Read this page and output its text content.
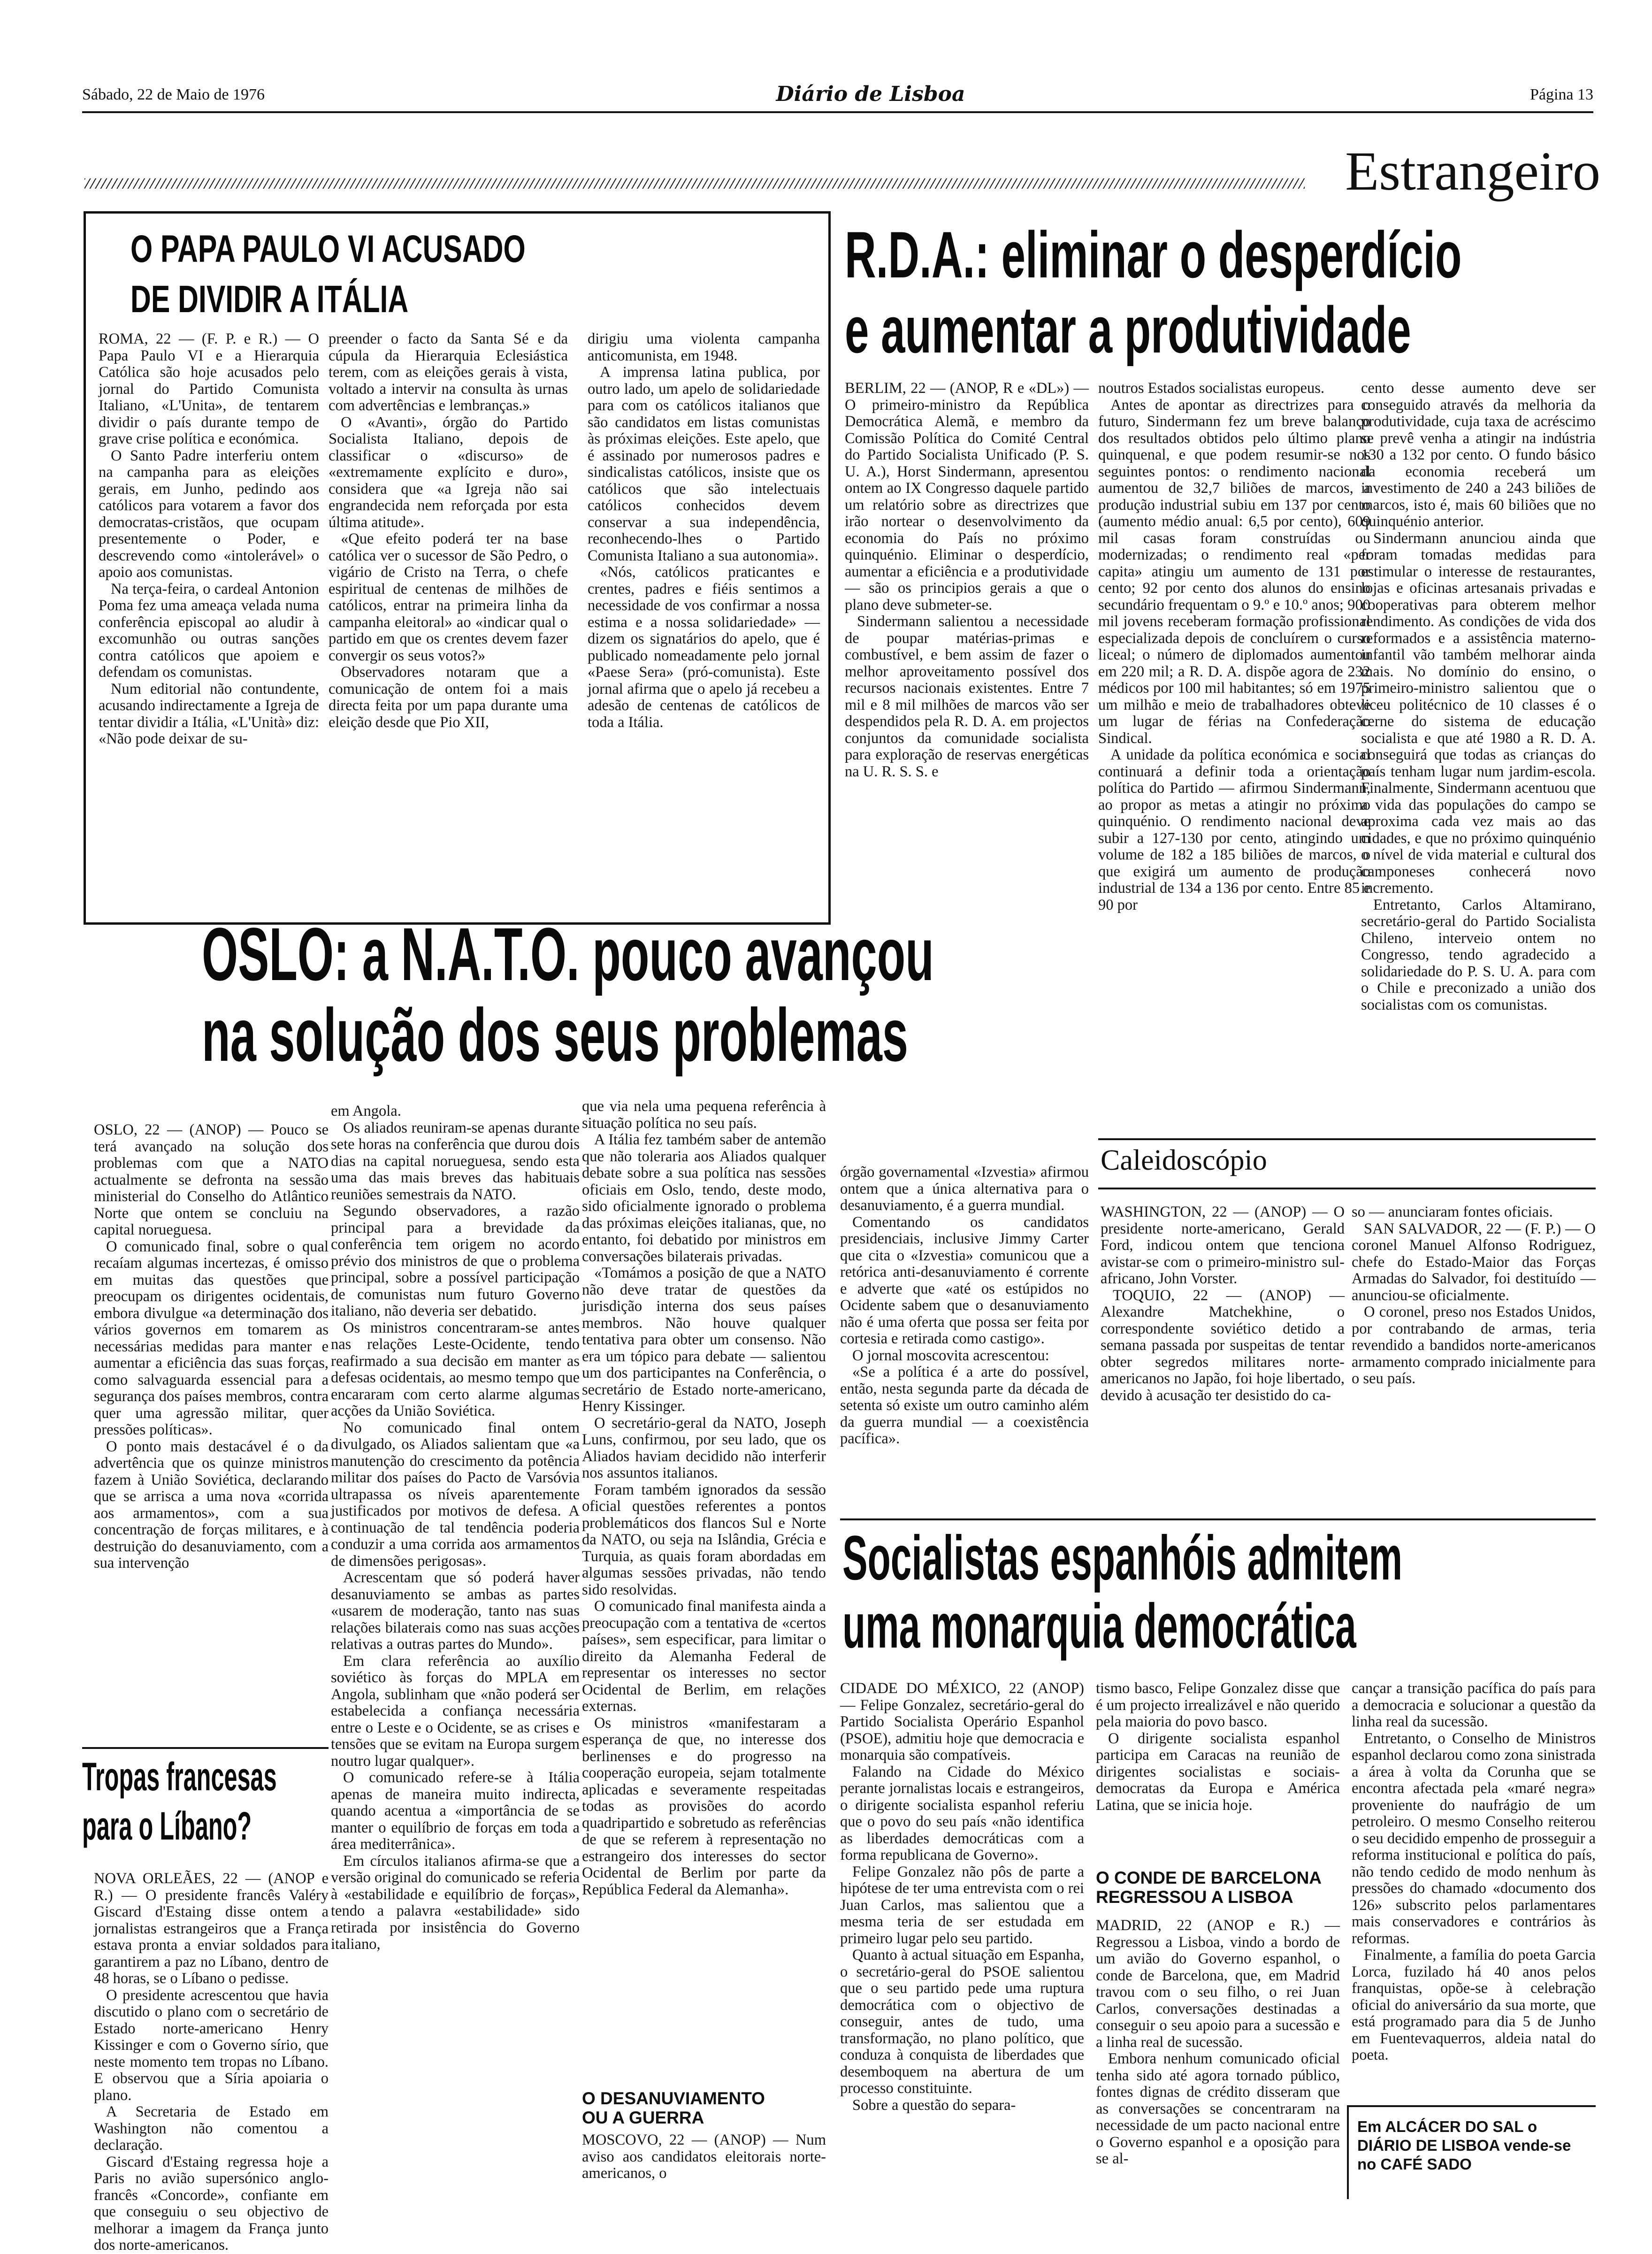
Sábado, 22 de Maio de 1976	Diário de Lisboa	Página 13
Estrangeiro
O PAPA PAULO VI ACUSADO
DE DIVIDIR A ITÁLIA

ROMA, 22 — (F. P. e R.) — O Papa Paulo VI e a Hierarquia Católica são hoje acusados pelo jornal do Partido Comunista Italiano, «L'Unita», de tentarem dividir o país durante tempo de grave crise política e económica.

O Santo Padre interferiu ontem na campanha para as eleições gerais, em Junho, pedindo aos católicos para votarem a favor dos democratas-cristãos, que ocupam presentemente o Poder, e descrevendo como «intolerável» o apoio aos comunistas.

Na terça-feira, o cardeal Antonion Poma fez uma ameaça velada numa conferência episcopal ao aludir à excomunhão ou outras sanções contra católicos que apoiem e defendam os comunistas.

Num editorial não contundente, acusando indirectamente a Igreja de tentar dividir a Itália, «L'Unità» diz: «Não pode deixar de su-

preender o facto da Santa Sé e da cúpula da Hierarquia Eclesiástica terem, com as eleições gerais à vista, voltado a intervir na consulta às urnas com advertências e lembranças.»

O «Avanti», órgão do Partido Socialista Italiano, depois de classificar o «discurso» de «extremamente explícito e duro», considera que «a Igreja não sai engrandecida nem reforçada por esta última atitude».

«Que efeito poderá ter na base católica ver o sucessor de São Pedro, o vigário de Cristo na Terra, o chefe espiritual de centenas de milhões de católicos, entrar na primeira linha da campanha eleitoral» ao «indicar qual o partido em que os crentes devem fazer convergir os seus votos?»

Observadores notaram que a comunicação de ontem foi a mais directa feita por um papa durante uma eleição desde que Pio XII,

dirigiu uma violenta campanha anticomunista, em 1948.

A imprensa latina publica, por outro lado, um apelo de solidariedade para com os católicos italianos que são candidatos em listas comunistas às próximas eleições. Este apelo, que é assinado por numerosos padres e sindicalistas católicos, insiste que os católicos que são intelectuais católicos conhecidos devem conservar a sua independência, reconhecendo-lhes o Partido Comunista Italiano a sua autonomia».

«Nós, católicos praticantes e crentes, padres e fiéis sentimos a necessidade de vos confirmar a nossa estima e a nossa solidariedade» —dizem os signatários do apelo, que é publicado nomeadamente pelo jornal «Paese Sera» (pró-comunista). Este jornal afirma que o apelo já recebeu a adesão de centenas de católicos de toda a Itália.

R.D.A.: eliminar o desperdício
e aumentar a produtividade

BERLIM, 22 — (ANOP, R e «DL») — O primeiro-ministro da República Democrática Alemã, e membro da Comissão Política do Comité Central do Partido Socialista Unificado (P. S. U. A.), Horst Sindermann, apresentou ontem ao IX Congresso daquele partido um relatório sobre as directrizes que irão nortear o desenvolvimento da economia do País no próximo quinquénio. Eliminar o desperdício, aumentar a eficiência e a produtividade — são os principios gerais a que o plano deve submeter-se.

Sindermann salientou a necessidade de poupar matérias-primas e combustível, e bem assim de fazer o melhor aproveitamento possível dos recursos nacionais existentes. Entre 7 mil e 8 mil milhões de marcos vão ser despendidos pela R. D. A. em projectos conjuntos da comunidade socialista para exploração de reservas energéticas na U. R. S. S. e

noutros Estados socialistas europeus.

Antes de apontar as directrizes para o futuro, Sindermann fez um breve balanço dos resultados obtidos pelo último plano quinquenal, e que podem resumir-se nos seguintes pontos: o rendimento nacional aumentou de 32,7 biliões de marcos, a produção industrial subiu em 137 por cento (aumento médio anual: 6,5 por cento), 609 mil casas foram construídas ou modernizadas; o rendimento real «per capita» atingiu um aumento de 131 por cento; 92 por cento dos alunos do ensino secundário frequentam o 9.º e 10.º anos; 900 mil jovens receberam formação profissional especializada depois de concluírem o curso liceal; o número de diplomados aumentou em 220 mil; a R. D. A. dispõe agora de 232 médicos por 100 mil habitantes; só em 1975 um milhão e meio de trabalhadores obteve um lugar de férias na Confederação Sindical.

A unidade da política económica e social continuará a definir toda a orientação política do Partido — afirmou Sindermann, ao propor as metas a atingir no próximo quinquénio. O rendimento nacional deve subir a 127-130 por cento, atingindo um volume de 182 a 185 biliões de marcos, o que exigirá um aumento de produção industrial de 134 a 136 por cento. Entre 85 e 90 por

cento desse aumento deve ser conseguido através da melhoria da produtividade, cuja taxa de acréscimo se prevê venha a atingir na indústria 130 a 132 por cento. O fundo básico da economia receberá um investimento de 240 a 243 biliões de marcos, isto é, mais 60 biliões que no quinquénio anterior.

Sindermann anunciou ainda que foram tomadas medidas para estimular o interesse de restaurantes, lojas e oficinas artesanais privadas e cooperativas para obterem melhor rendimento. As condições de vida dos reformados e a assistência materno-infantil vão também melhorar ainda mais. No domínio do ensino, o primeiro-ministro salientou que o liceu politécnico de 10 classes é o cerne do sistema de educação socialista e que até 1980 a R. D. A. conseguirá que todas as crianças do país tenham lugar num jardim-escola. Finalmente, Sindermann acentuou que a vida das populações do campo se aproxima cada vez mais ao das cidades, e que no próximo quinquénio o nível de vida material e cultural dos camponeses conhecerá novo incremento.

Entretanto, Carlos Altamirano, secretário-geral do Partido Socialista Chileno, interveio ontem no Congresso, tendo agradecido a solidariedade do P. S. U. A. para com o Chile e preconizado a união dos socialistas com os comunistas.

OSLO: a N.A.T.O. pouco avançou
na solução dos seus problemas

OSLO, 22 — (ANOP) — Pouco se terá avançado na solução dos problemas com que a NATO actualmente se defronta na sessão ministerial do Conselho do Atlântico Norte que ontem se concluiu na capital norueguesa.

O comunicado final, sobre o qual recaíam algumas incertezas, é omisso em muitas das questões que preocupam os dirigentes ocidentais, embora divulgue «a determinação dos vários governos em tomarem as necessárias medidas para manter e aumentar a eficiência das suas forças, como salvaguarda essencial para a segurança dos países membros, contra quer uma agressão militar, quer pressões políticas».

O ponto mais destacável é o da advertência que os quinze ministros fazem à União Soviética, declarando que se arrisca a uma nova «corrida aos armamentos», com a sua concentração de forças militares, e à destruição do desanuviamento, com a sua intervenção

em Angola.

Os aliados reuniram-se apenas durante sete horas na conferência que durou dois dias na capital norueguesa, sendo esta uma das mais breves das habituais reuniões semestrais da NATO.

Segundo observadores, a razão principal para a brevidade da conferência tem origem no acordo prévio dos ministros de que o problema principal, sobre a possível participação de comunistas num futuro Governo italiano, não deveria ser debatido.

Os ministros concentraram-se antes nas relações Leste-Ocidente, tendo reafirmado a sua decisão em manter as defesas ocidentais, ao mesmo tempo que encararam com certo alarme algumas acções da União Soviética.

No comunicado final ontem divulgado, os Aliados salientam que «a manutenção do crescimento da potência militar dos países do Pacto de Varsóvia ultrapassa os níveis aparentemente justificados por motivos de defesa. A continuação de tal tendência poderia conduzir a uma corrida aos armamentos de dimensões perigosas».

Acrescentam que só poderá haver desanuviamento se ambas as partes «usarem de moderação, tanto nas suas relações bilaterais como nas suas acções relativas a outras partes do Mundo».

Em clara referência ao auxílio soviético às forças do MPLA em Angola, sublinham que «não poderá ser estabelecida a confiança necessária entre o Leste e o Ocidente, se as crises e tensões que se evitam na Europa surgem noutro lugar qualquer».

O comunicado refere-se à Itália apenas de maneira muito indirecta, quando acentua a «importância de se manter o equilíbrio de forças em toda a área mediterrânica».

Em círculos italianos afirma-se que a versão original do comunicado se referia à «estabilidade e equilíbrio de forças», tendo a palavra «estabilidade» sido retirada por insistência do Governo italiano,

que via nela uma pequena referência à situação política no seu país.

A Itália fez também saber de antemão que não toleraria aos Aliados qualquer debate sobre a sua política nas sessões oficiais em Oslo, tendo, deste modo, sido oficialmente ignorado o problema das próximas eleições italianas, que, no entanto, foi debatido por ministros em conversações bilaterais privadas.

«Tomámos a posição de que a NATO não deve tratar de questões da jurisdição interna dos seus países membros. Não houve qualquer tentativa para obter um consenso. Não era um tópico para debate — salientou um dos participantes na Conferência, o secretário de Estado norte-americano, Henry Kissinger.

O secretário-geral da NATO, Joseph Luns, confirmou, por seu lado, que os Aliados haviam decidido não interferir nos assuntos italianos.

Foram também ignorados da sessão oficial questões referentes a pontos problemáticos dos flancos Sul e Norte da NATO, ou seja na Islândia, Grécia e Turquia, as quais foram abordadas em algumas sessões privadas, não tendo sido resolvidas.

O comunicado final manifesta ainda a preocupação com a tentativa de «certos países», sem especificar, para limitar o direito da Alemanha Federal de representar os interesses no sector Ocidental de Berlim, em relações externas.

Os ministros «manifestaram a esperança de que, no interesse dos berlinenses e do progresso na cooperação europeia, sejam totalmente aplicadas e severamente respeitadas todas as provisões do acordo quadripartido e sobretudo as referências de que se referem à representação no estrangeiro dos interesses do sector Ocidental de Berlim por parte da República Federal da Alemanha».

O DESANUVIAMENTO
OU A GUERRA

MOSCOVO, 22 — (ANOP) — Num aviso aos candidatos eleitorais norte-americanos, o

órgão governamental «Izvestia» afirmou ontem que a única alternativa para o desanuviamento, é a guerra mundial.

Comentando os candidatos presidenciais, inclusive Jimmy Carter que cita o «Izvestia» comunicou que a retórica anti-desanuviamento é corrente e adverte que «até os estúpidos no Ocidente sabem que o desanuviamento não é uma oferta que possa ser feita por cortesia e retirada como castigo».

O jornal moscovita acrescentou:

«Se a política é a arte do possível, então, nesta segunda parte da década de setenta só existe um outro caminho além da guerra mundial — a coexistência pacífica».

Tropas francesas
para o Líbano?

NOVA ORLEÃES, 22 — (ANOP e R.) — O presidente francês Valéry Giscard d'Estaing disse ontem a jornalistas estrangeiros que a França estava pronta a enviar soldados para garantirem a paz no Líbano, dentro de 48 horas, se o Líbano o pedisse.

O presidente acrescentou que havia discutido o plano com o secretário de Estado norte-americano Henry Kissinger e com o Governo sírio, que neste momento tem tropas no Líbano. E observou que a Síria apoiaria o plano.

A Secretaria de Estado em Washington não comentou a declaração.

Giscard d'Estaing regressa hoje a Paris no avião supersónico anglo-francês «Concorde», confiante em que conseguiu o seu objectivo de melhorar a imagem da França junto dos norte-americanos.

Caleidoscópio

WASHINGTON, 22 — (ANOP) — O presidente norte-americano, Gerald Ford, indicou ontem que tenciona avistar-se com o primeiro-ministro sul-africano, John Vorster.

TOQUIO, 22 — (ANOP) — Alexandre Matchekhine, o correspondente soviético detido a semana passada por suspeitas de tentar obter segredos militares norte-americanos no Japão, foi hoje libertado, devido à acusação ter desistido do ca-

so — anunciaram fontes oficiais.

SAN SALVADOR, 22 — (F. P.) — O coronel Manuel Alfonso Rodriguez, chefe do Estado-Maior das Forças Armadas do Salvador, foi destituído — anunciou-se oficialmente.

O coronel, preso nos Estados Unidos, por contrabando de armas, teria revendido a bandidos norte-americanos armamento comprado inicialmente para o seu país.

Socialistas espanhóis admitem
uma monarquia democrática

CIDADE DO MÉXICO, 22 (ANOP) — Felipe Gonzalez, secretário-geral do Partido Socialista Operário Espanhol (PSOE), admitiu hoje que democracia e monarquia são compatíveis.

Falando na Cidade do México perante jornalistas locais e estrangeiros, o dirigente socialista espanhol referiu que o povo do seu país «não identifica as liberdades democráticas com a forma republicana de Governo».

Felipe Gonzalez não pôs de parte a hipótese de ter uma entrevista com o rei Juan Carlos, mas salientou que a mesma teria de ser estudada em primeiro lugar pelo seu partido.

Quanto à actual situação em Espanha, o secretário-geral do PSOE salientou que o seu partido pede uma ruptura democrática com o objectivo de conseguir, antes de tudo, uma transformação, no plano político, que conduza à conquista de liberdades que desemboquem na abertura de um processo constituinte.

Sobre a questão do separa-

tismo basco, Felipe Gonzalez disse que é um projecto irrealizável e não querido pela maioria do povo basco.

O dirigente socialista espanhol participa em Caracas na reunião de dirigentes socialistas e sociais-democratas da Europa e América Latina, que se inicia hoje.

O CONDE DE BARCELONA
REGRESSOU A LISBOA

MADRID, 22 (ANOP e R.) — Regressou a Lisboa, vindo a bordo de um avião do Governo espanhol, o conde de Barcelona, que, em Madrid travou com o seu filho, o rei Juan Carlos, conversações destinadas a conseguir o seu apoio para a sucessão e a linha real de sucessão.

Embora nenhum comunicado oficial tenha sido até agora tornado público, fontes dignas de crédito disseram que as conversações se concentraram na necessidade de um pacto nacional entre o Governo espanhol e a oposição para se al-

cançar a transição pacífica do país para a democracia e solucionar a questão da linha real da sucessão.

Entretanto, o Conselho de Ministros espanhol declarou como zona sinistrada a área à volta da Corunha que se encontra afectada pela «maré negra» proveniente do naufrágio de um petroleiro. O mesmo Conselho reiterou o seu decidido empenho de prosseguir a reforma institucional e política do país, não tendo cedido de modo nenhum às pressões do chamado «documento dos 126» subscrito pelos parlamentares mais conservadores e contrários às reformas.

Finalmente, a família do poeta Garcia Lorca, fuzilado há 40 anos pelos franquistas, opõe-se à celebração oficial do aniversário da sua morte, que está programado para dia 5 de Junho em Fuentevaquerros, aldeia natal do poeta.

Em ALCÁCER DO SAL o DIÁRIO DE LISBOA vende-se no CAFÉ SADO
